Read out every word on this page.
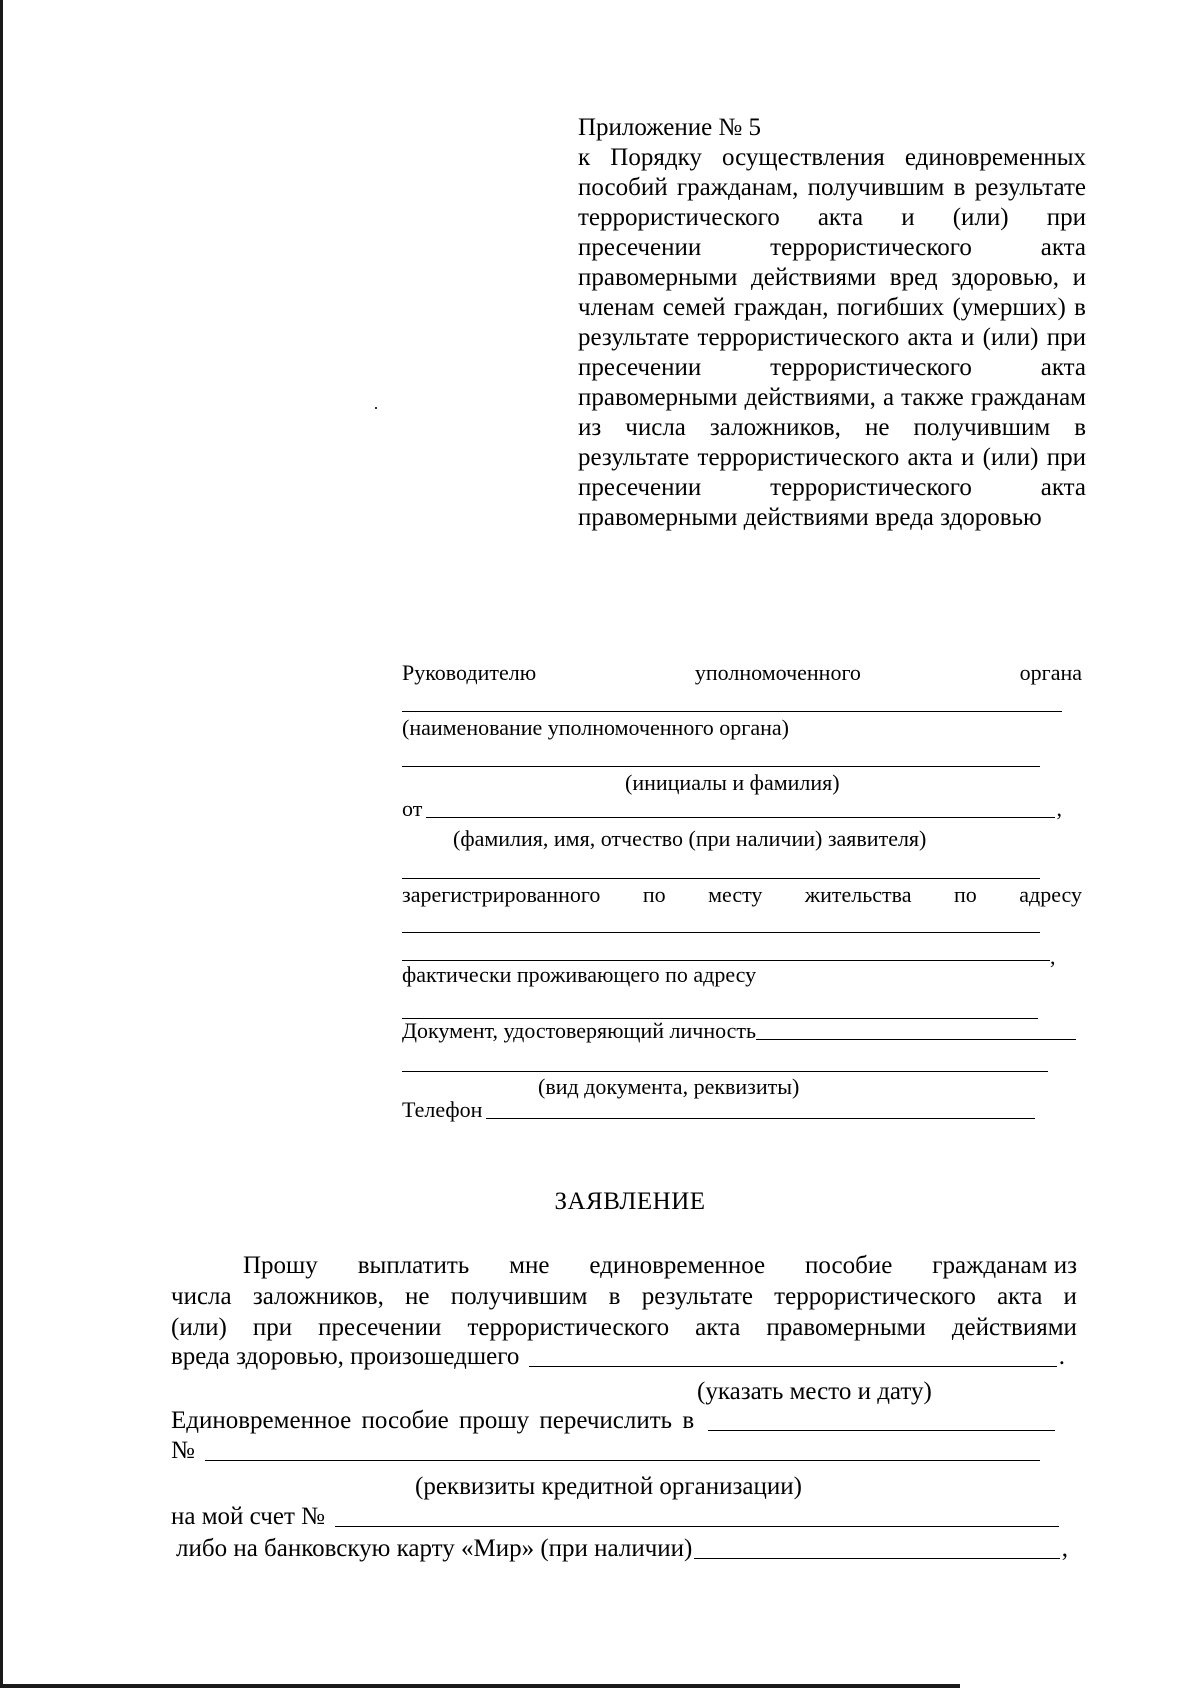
Приложение № 5
к Порядку осуществления единовременных пособий гражданам, получившим в результате террористического акта и (или) при пресечении террористического акта правомерными действиями вред здоровью, и членам семей граждан, погибших (умерших) в результате террористического акта и (или) при пресечении террористического акта правомерными действиями, а также гражданам из числа заложников, не получившим в результате террористического акта и (или) при пресечении террористического акта правомерными действиями вреда здоровью
Руководителю	уполномоченного	органа
(наименование уполномоченного органа)
(инициалы и фамилия)
от	,
(фамилия, имя, отчество (при наличии) заявителя)
зарегистрированного по месту жительства по адресу
,
фактически проживающего по адресу
Документ, удостоверяющий личность
(вид документа, реквизиты)
Телефон
ЗАЯВЛЕНИЕ
Прошу выплатить мне единовременное пособие гражданам из
числа заложников, не получившим в результате террористического акта и
(или) при пресечении террористического акта правомерными действиями
вреда здоровью, произошедшего	.
(указать место и дату)
Единовременное пособие прошу перечислить в
№
(реквизиты кредитной организации)
на мой счет №
либо на банковскую карту «Мир» (при наличии)	,
